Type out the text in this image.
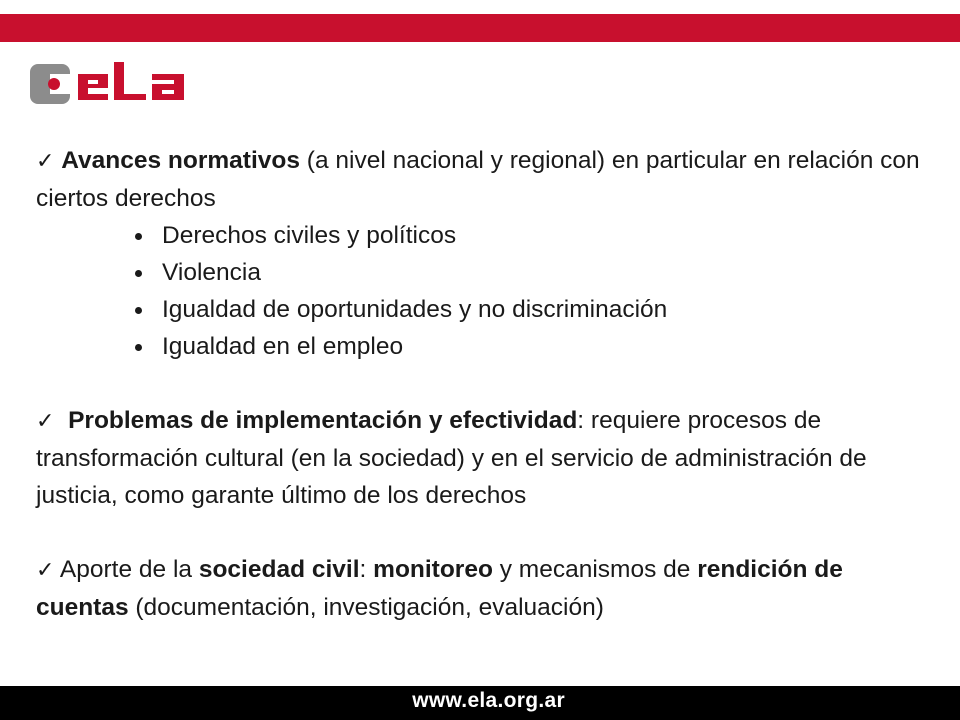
✓ Avances normativos (a nivel nacional y regional) en particular en relación con ciertos derechos

Derechos civiles y políticos
Violencia
Igualdad de oportunidades y no discriminación
Igualdad en el empleo

✓ Problemas de implementación y efectividad: requiere procesos de transformación cultural (en la sociedad) y en el servicio de administración de justicia, como garante último de los derechos

✓ Aporte de la sociedad civil: monitoreo y mecanismos de rendición de cuentas (documentación, investigación, evaluación)

www.ela.org.ar
